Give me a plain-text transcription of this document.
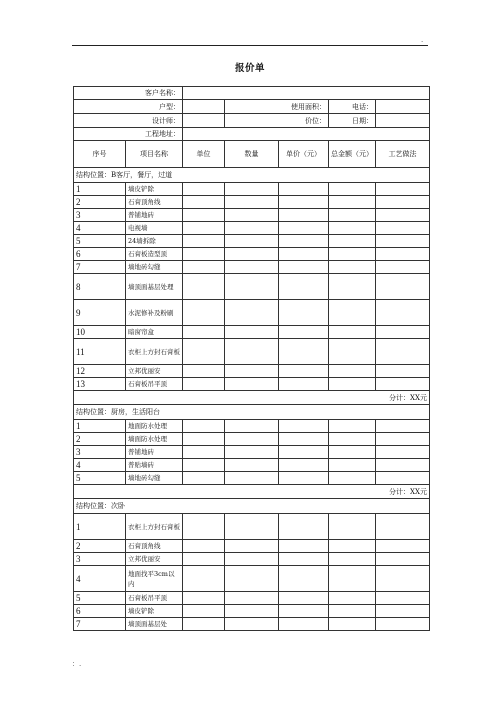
.
报价单
客户名称：						
户型：			使用面积：		电话：	
设计师：			价位：		日期：	
工程地址：						
序号	项目名称	单位	数量	单价（元）	总金额（元）	工艺做法
结构位置：B客厅，餐厅，过道						
1	墙皮铲除					
2	石膏顶角线					
3	普铺地砖					
4	电视墙					
5	24墙拆除					
6	石膏板造型顶					
7	墙地砖勾缝					
8	墙顶面基层处理					
9	水泥修补及粉刷					
10	暗窗帘盒					
11	衣柜上方封石膏板					
12	立邦优丽安					
13	石膏板吊平顶					
分计：XX元						
结构位置：厨房，生活阳台						
1	地面防水处理					
2	墙面防水处理					
3	普铺地砖					
4	普贴墙砖					
5	墙地砖勾缝					
分计：XX元						
结构位置：次卧						
1	衣柜上方封石膏板					
2	石膏顶角线					
3	立邦优丽安					
4	地面找平3cm以内					
5	石膏板吊平顶					
6	墙皮铲除					
7	墙顶面基层处					
：.
